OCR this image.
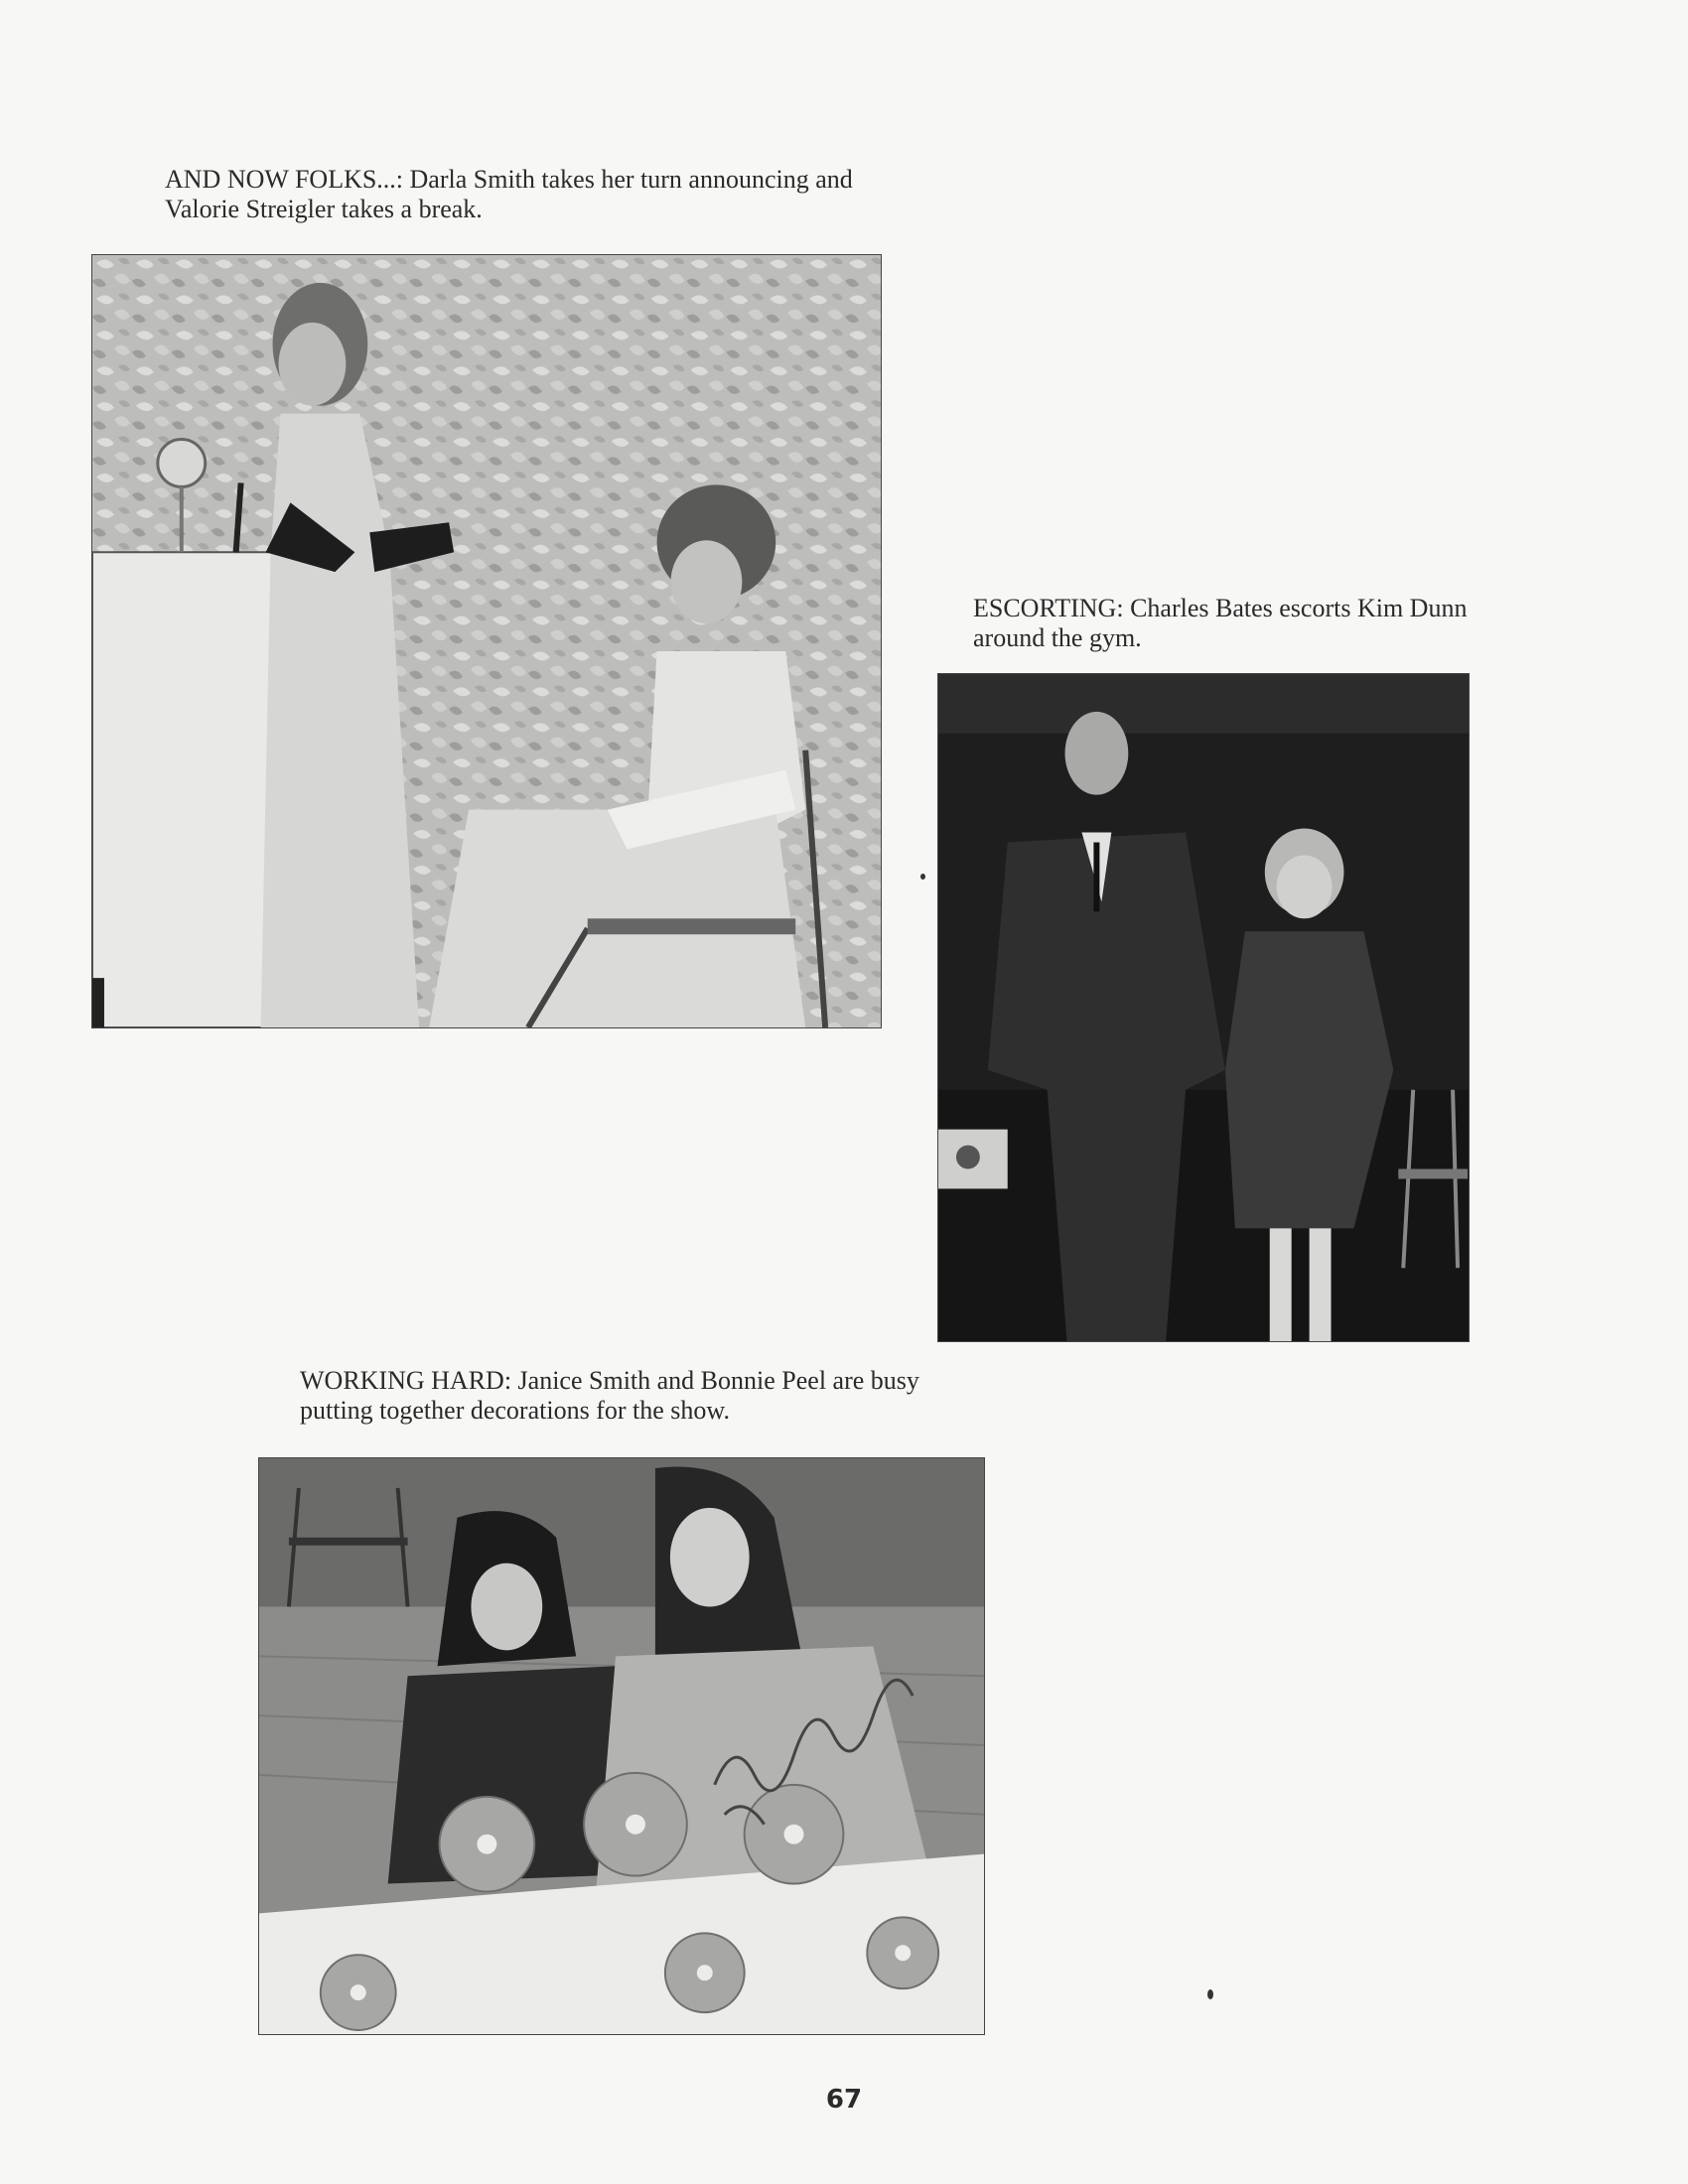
AND NOW FOLKS...: Darla Smith takes her turn announcing and Valorie Streigler takes a break.
ESCORTING: Charles Bates escorts Kim Dunn around the gym.
WORKING HARD: Janice Smith and Bonnie Peel are busy putting together decorations for the show.
67
